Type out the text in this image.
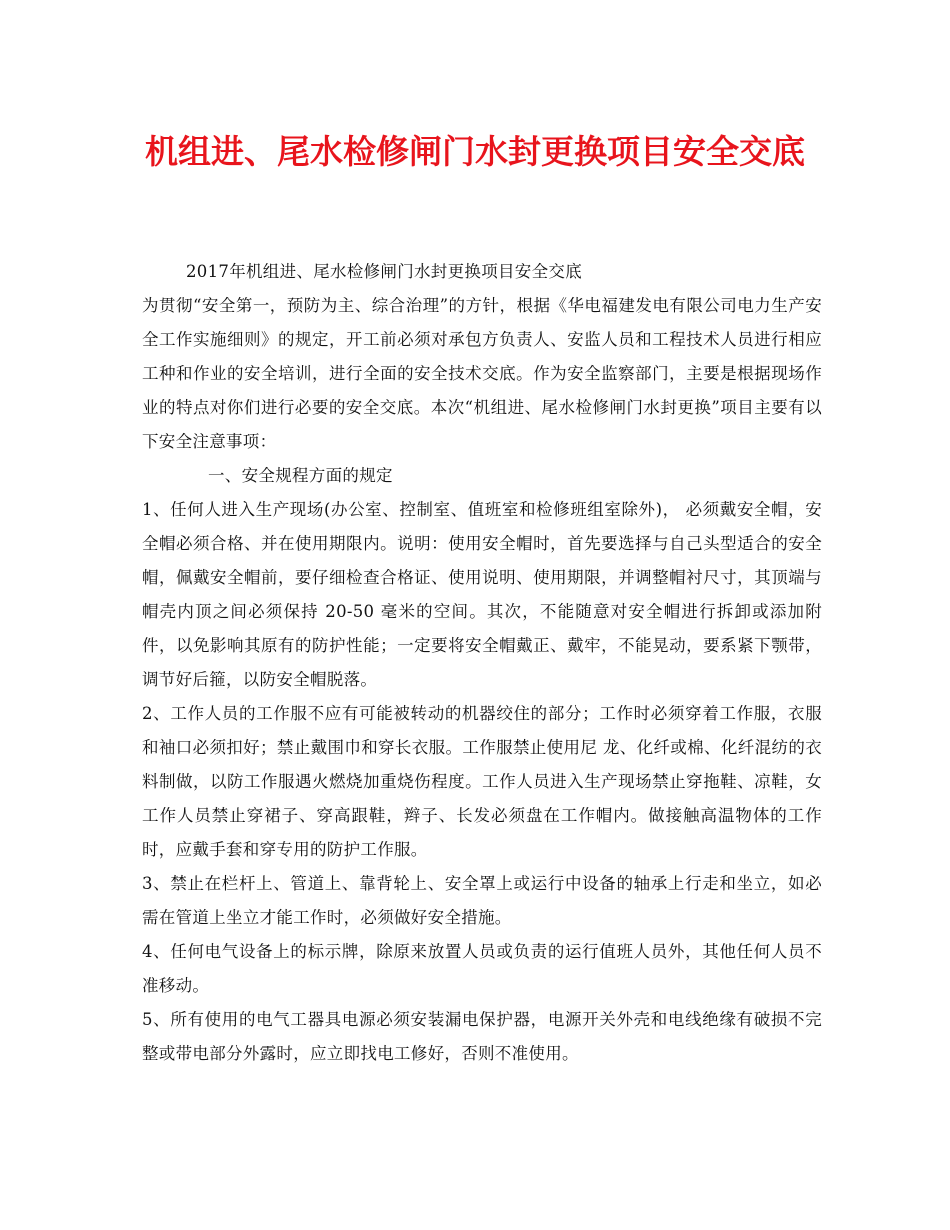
机组进、尾水检修闸门水封更换项目安全交底

2017年机组进、尾水检修闸门水封更换项目安全交底

为贯彻“安全第一，预防为主、综合治理”的方针，根据《华电福建发电有限公司电力生产安全工作实施细则》的规定，开工前必须对承包方负责人、安监人员和工程技术人员进行相应工种和作业的安全培训，进行全面的安全技术交底。作为安全监察部门，主要是根据现场作业的特点对你们进行必要的安全交底。本次“机组进、尾水检修闸门水封更换”项目主要有以下安全注意事项：

一、安全规程方面的规定

1、任何人进入生产现场(办公室、控制室、值班室和检修班组室除外)， 必须戴安全帽，安全帽必须合格、并在使用期限内。说明：使用安全帽时，首先要选择与自己头型适合的安全帽，佩戴安全帽前，要仔细检查合格证、使用说明、使用期限，并调整帽衬尺寸，其顶端与帽壳内顶之间必须保持 20-50 毫米的空间。其次，不能随意对安全帽进行拆卸或添加附件，以免影响其原有的防护性能；一定要将安全帽戴正、戴牢，不能晃动，要系紧下颚带，调节好后箍，以防安全帽脱落。

2、工作人员的工作服不应有可能被转动的机器绞住的部分；工作时必须穿着工作服，衣服和袖口必须扣好；禁止戴围巾和穿长衣服。工作服禁止使用尼 龙、化纤或棉、化纤混纺的衣料制做，以防工作服遇火燃烧加重烧伤程度。工作人员进入生产现场禁止穿拖鞋、凉鞋，女工作人员禁止穿裙子、穿高跟鞋，辫子、长发必须盘在工作帽内。做接触高温物体的工作时，应戴手套和穿专用的防护工作服。

3、禁止在栏杆上、管道上、靠背轮上、安全罩上或运行中设备的轴承上行走和坐立，如必需在管道上坐立才能工作时，必须做好安全措施。

4、任何电气设备上的标示牌，除原来放置人员或负责的运行值班人员外，其他任何人员不准移动。

5、所有使用的电气工器具电源必须安装漏电保护器，电源开关外壳和电线绝缘有破损不完整或带电部分外露时，应立即找电工修好，否则不准使用。
